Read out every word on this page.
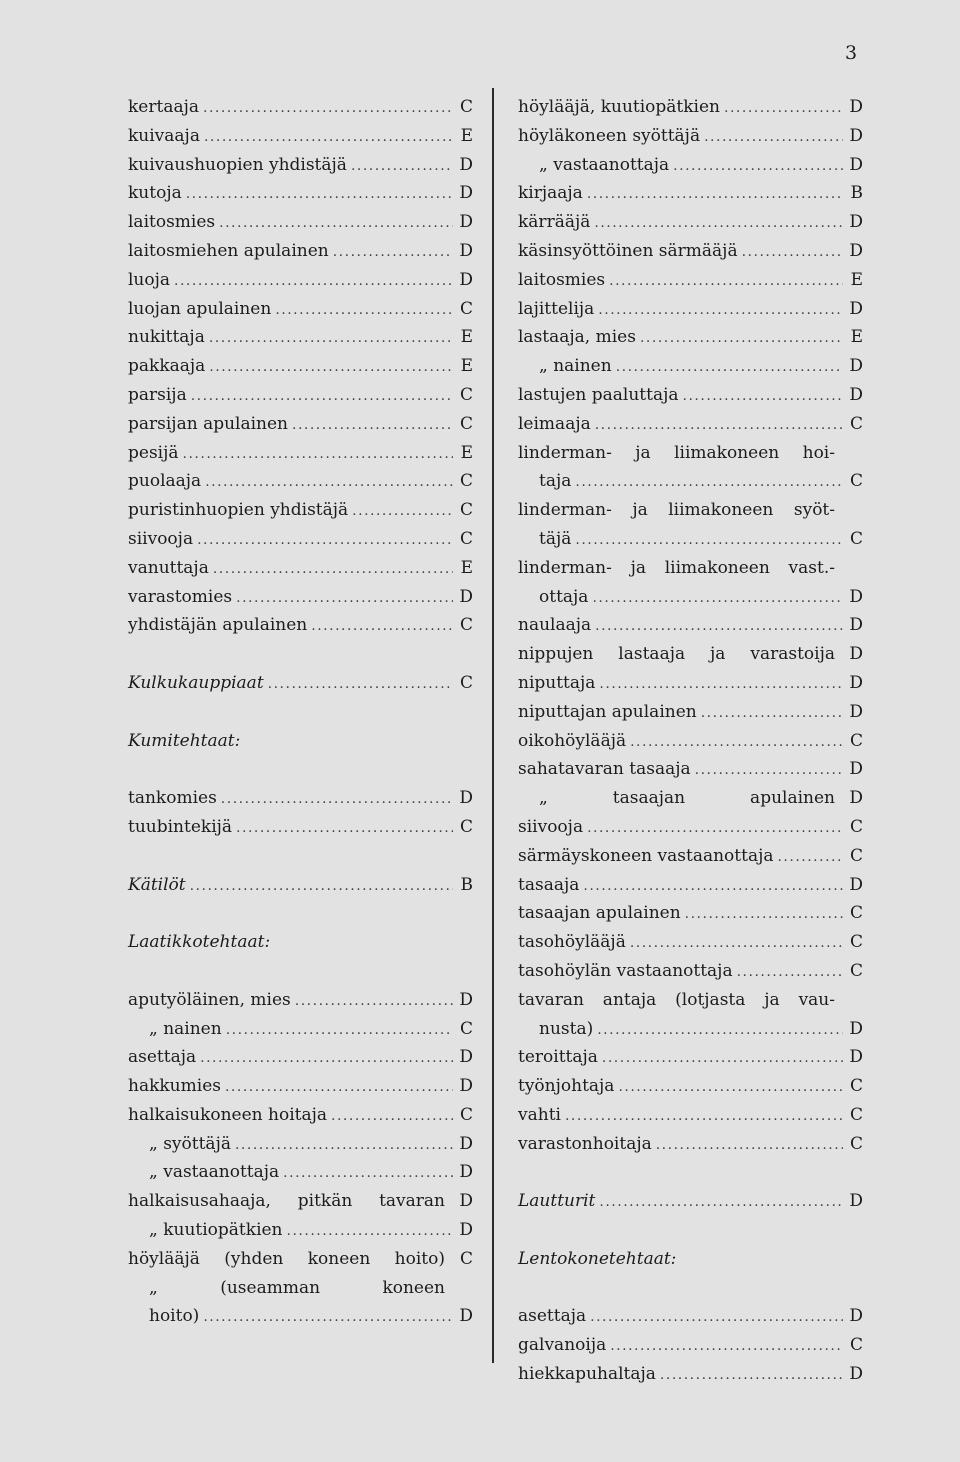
3
kertaaja .....	C
kuivaaja .....	E
kuivaushuopien yhdistäjä .....	D
kutoja .....	D
laitosmies .....	D
laitosmiehen apulainen .....	D
luoja .....	D
luojan apulainen .....	C
nukittaja .....	E
pakkaaja .....	E
parsija .....	C
parsijan apulainen .....	C
pesijä .....	E
puolaaja .....	C
puristinhuopien yhdistäjä .....	C
siivooja .....	C
vanuttaja .....	E
varastomies .....	D
yhdistäjän apulainen .....	C
Kulkukauppiaat .....	C
Kumitehtaat:
tankomies .....	D
tuubintekijä .....	C
Kätilöt .....	B
Laatikkotehtaat:
aputyöläinen, mies .....	D
„ nainen .....	C
asettaja .....	D
hakkumies .....	D
halkaisukoneen hoitaja .....	C
„ syöttäjä .....	D
„ vastaanottaja .....	D
halkaisusahaaja, pitkän tavaran D
„ kuutiopätkien .....	D
höylääjä (yhden koneen hoito) C
„ (useamman koneen
hoito) .....	D
höylääjä, kuutiopätkien .....	D
höyläkoneen syöttäjä .....	D
„ vastaanottaja .....	D
kirjaaja .....	B
kärrääjä .....	D
käsinsyöttöinen särmääjä .....	D
laitosmies .....	E
lajittelija .....	D
lastaaja, mies .....	E
„ nainen .....	D
lastujen paaluttaja .....	D
leimaaja .....	C
linderman- ja liimakoneen hoi-
taja .....	C
linderman- ja liimakoneen syöt-
täjä .....	C
linderman- ja liimakoneen vast.-
ottaja .....	D
naulaaja .....	D
nippujen lastaaja ja varastoija D
niputtaja .....	D
niputtajan apulainen .....	D
oikohöylääjä .....	C
sahatavaran tasaaja .....	D
„ tasaajan apulainen D
siivooja .....	C
särmäyskoneen vastaanottaja .....	C
tasaaja .....	D
tasaajan apulainen .....	C
tasohöylääjä .....	C
tasohöylän vastaanottaja .....	C
tavaran antaja (lotjasta ja vau-
nusta) .....	D
teroittaja .....	D
työnjohtaja .....	C
vahti .....	C
varastonhoitaja .....	C
Lautturit .....	D
Lentokonetehtaat:
asettaja .....	D
galvanoija .....	C
hiekkapuhaltaja .....	D
